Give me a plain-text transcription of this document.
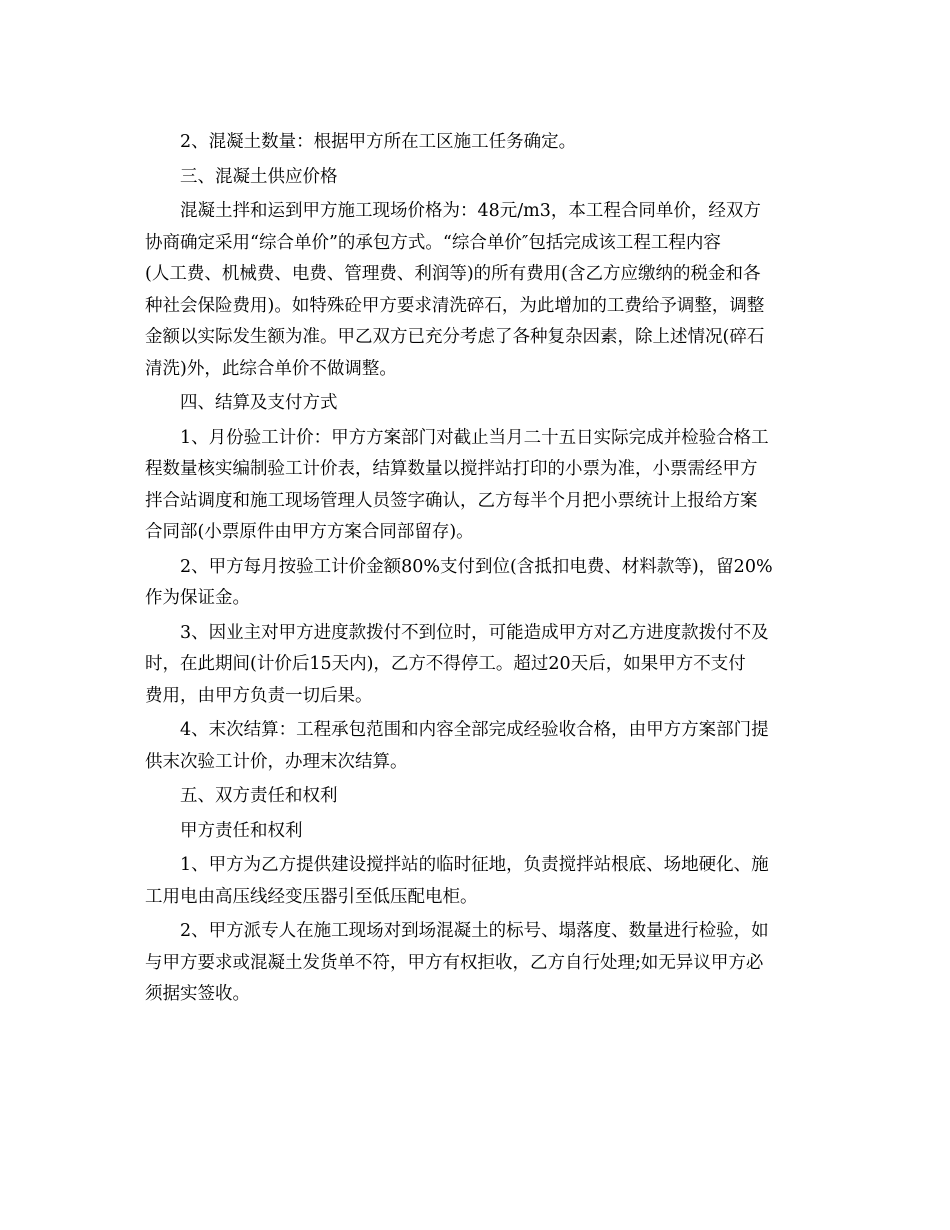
2、混凝土数量：根据甲方所在工区施工任务确定。
三、混凝土供应价格
混凝土拌和运到甲方施工现场价格为：48元/m3，本工程合同单价，经双方
协商确定采用“综合单价”的承包方式。“综合单价″包括完成该工程工程内容
(人工费、机械费、电费、管理费、利润等)的所有费用(含乙方应缴纳的税金和各
种社会保险费用)。如特殊砼甲方要求清洗碎石，为此增加的工费给予调整，调整
金额以实际发生额为准。甲乙双方已充分考虑了各种复杂因素，除上述情况(碎石
清洗)外，此综合单价不做调整。
四、结算及支付方式
1、月份验工计价：甲方方案部门对截止当月二十五日实际完成并检验合格工
程数量核实编制验工计价表，结算数量以搅拌站打印的小票为准，小票需经甲方
拌合站调度和施工现场管理人员签字确认，乙方每半个月把小票统计上报给方案
合同部(小票原件由甲方方案合同部留存)。
2、甲方每月按验工计价金额80%支付到位(含抵扣电费、材料款等)，留20%
作为保证金。
3、因业主对甲方进度款拨付不到位时，可能造成甲方对乙方进度款拨付不及
时，在此期间(计价后15天内)，乙方不得停工。超过20天后，如果甲方不支付
费用，由甲方负责一切后果。
4、末次结算：工程承包范围和内容全部完成经验收合格，由甲方方案部门提
供末次验工计价，办理末次结算。
五、双方责任和权利
甲方责任和权利
1、甲方为乙方提供建设搅拌站的临时征地，负责搅拌站根底、场地硬化、施
工用电由高压线经变压器引至低压配电柜。
2、甲方派专人在施工现场对到场混凝土的标号、塌落度、数量进行检验，如
与甲方要求或混凝土发货单不符，甲方有权拒收，乙方自行处理;如无异议甲方必
须据实签收。
